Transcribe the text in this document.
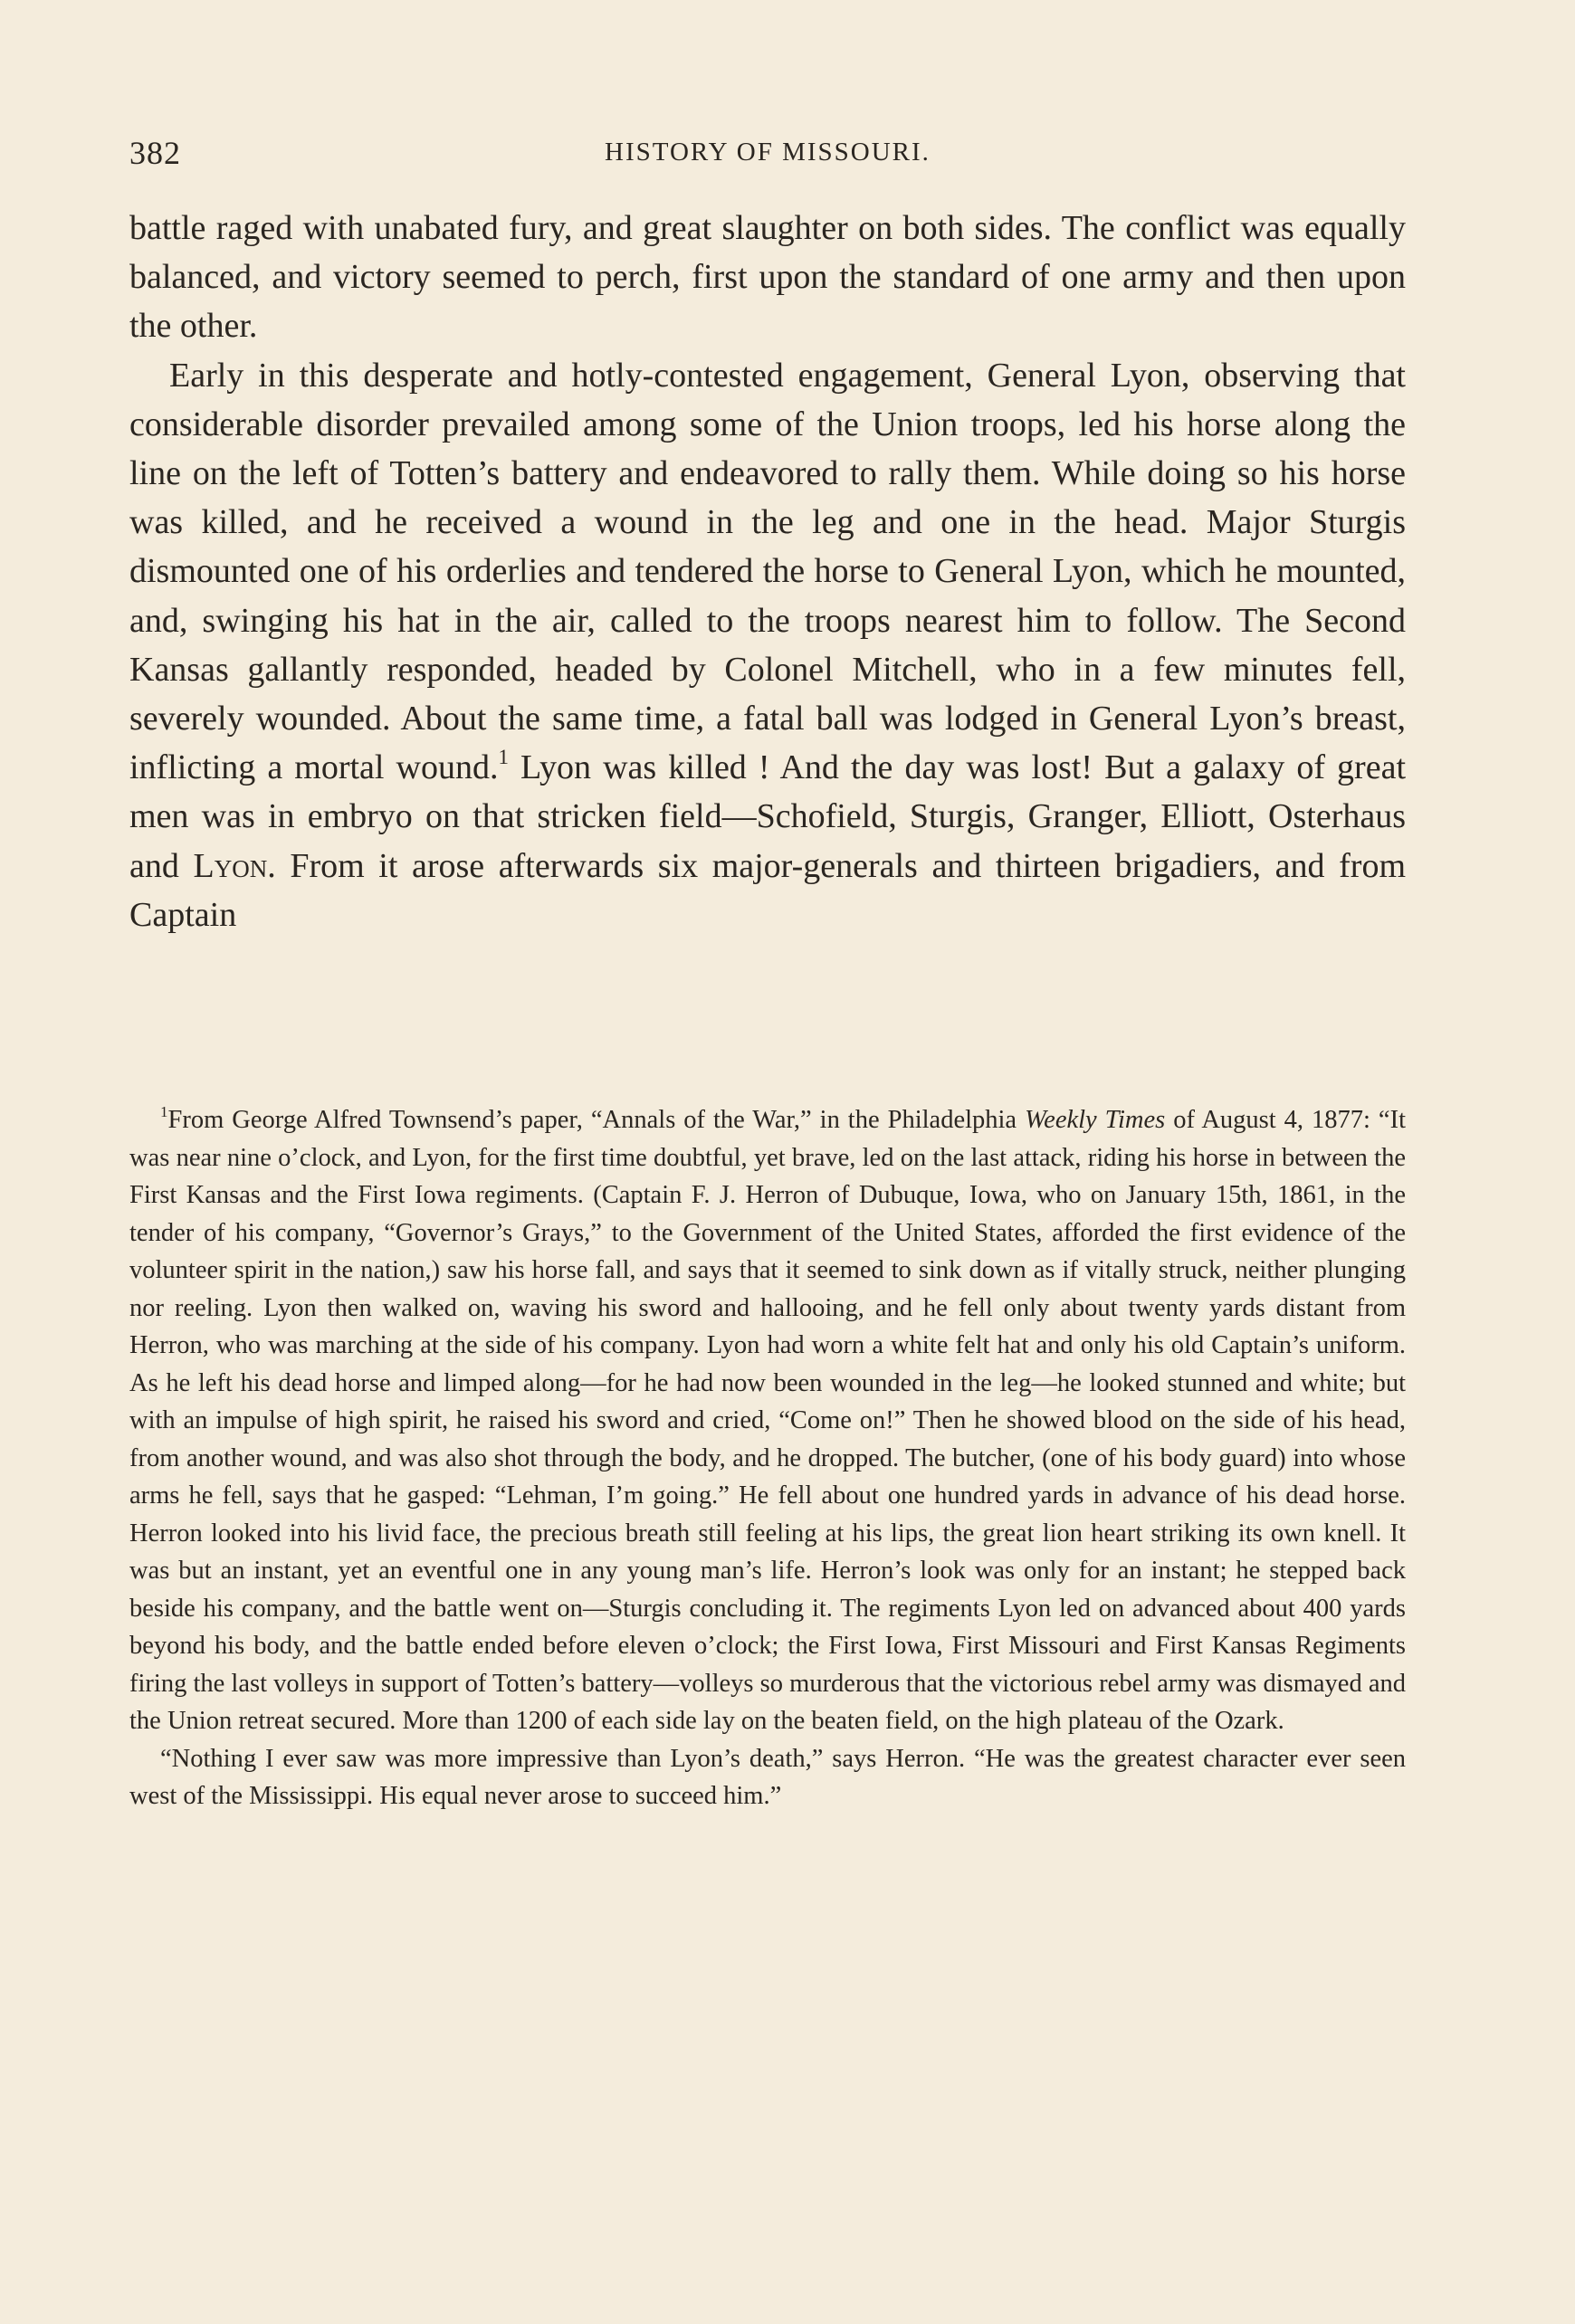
382	HISTORY OF MISSOURI.

battle raged with unabated fury, and great slaughter on both sides. The conflict was equally balanced, and victory seemed to perch, first upon the standard of one army and then upon the other.

Early in this desperate and hotly-contested engagement, General Lyon, observing that considerable disorder prevailed among some of the Union troops, led his horse along the line on the left of Totten’s battery and endeavored to rally them. While doing so his horse was killed, and he received a wound in the leg and one in the head. Major Sturgis dismounted one of his orderlies and tendered the horse to General Lyon, which he mounted, and, swinging his hat in the air, called to the troops nearest him to follow. The Second Kansas gallantly responded, headed by Colonel Mitchell, who in a few minutes fell, severely wounded. About the same time, a fatal ball was lodged in General Lyon’s breast, inflicting a mortal wound.$^1$ Lyon was killed ! And the day was lost! But a galaxy of great men was in embryo on that stricken field—Schofield, Sturgis, Granger, Elliott, Osterhaus and Lyon. From it arose afterwards six major-generals and thirteen brigadiers, and from Captain

$^1$From George Alfred Townsend’s paper, “Annals of the War,” in the Philadelphia Weekly Times of August 4, 1877: “It was near nine o’clock, and Lyon, for the first time doubtful, yet brave, led on the last attack, riding his horse in between the First Kansas and the First Iowa regiments. (Captain F. J. Herron of Dubuque, Iowa, who on January 15th, 1861, in the tender of his company, “Governor’s Grays,” to the Government of the United States, afforded the first evidence of the volunteer spirit in the nation,) saw his horse fall, and says that it seemed to sink down as if vitally struck, neither plunging nor reeling. Lyon then walked on, waving his sword and hallooing, and he fell only about twenty yards distant from Herron, who was marching at the side of his company. Lyon had worn a white felt hat and only his old Captain’s uniform. As he left his dead horse and limped along—for he had now been wounded in the leg—he looked stunned and white; but with an impulse of high spirit, he raised his sword and cried, “Come on!” Then he showed blood on the side of his head, from another wound, and was also shot through the body, and he dropped. The butcher, (one of his body guard) into whose arms he fell, says that he gasped: “Lehman, I’m going.” He fell about one hundred yards in advance of his dead horse. Herron looked into his livid face, the precious breath still feeling at his lips, the great lion heart striking its own knell. It was but an instant, yet an eventful one in any young man’s life. Herron’s look was only for an instant; he stepped back beside his company, and the battle went on—Sturgis concluding it. The regiments Lyon led on advanced about 400 yards beyond his body, and the battle ended before eleven o’clock; the First Iowa, First Missouri and First Kansas Regiments firing the last volleys in support of Totten’s battery—volleys so murderous that the victorious rebel army was dismayed and the Union retreat secured. More than 1200 of each side lay on the beaten field, on the high plateau of the Ozark.

“Nothing I ever saw was more impressive than Lyon’s death,” says Herron. “He was the greatest character ever seen west of the Mississippi. His equal never arose to succeed him.”
